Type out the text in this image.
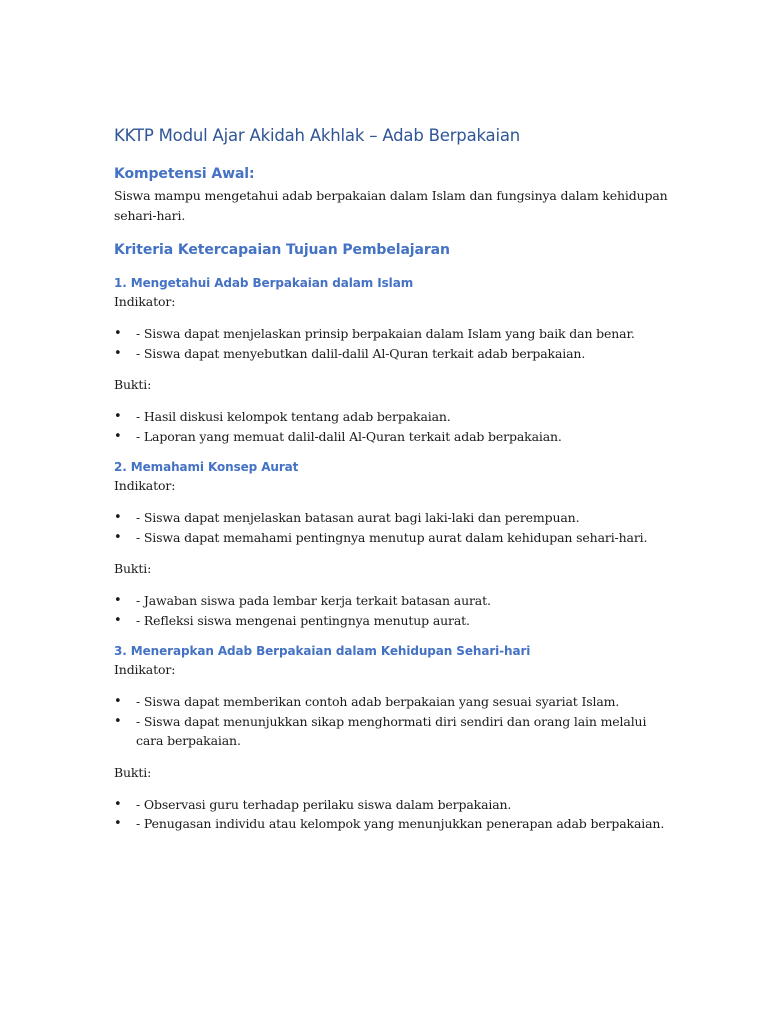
KKTP Modul Ajar Akidah Akhlak – Adab Berpakaian
Kompetensi Awal:

Siswa mampu mengetahui adab berpakaian dalam Islam dan fungsinya dalam kehidupan sehari-hari.

Kriteria Ketercapaian Tujuan Pembelajaran
1. Mengetahui Adab Berpakaian dalam Islam

Indikator:

• - Siswa dapat menjelaskan prinsip berpakaian dalam Islam yang baik dan benar.
• - Siswa dapat menyebutkan dalil-dalil Al-Quran terkait adab berpakaian.

Bukti:

• - Hasil diskusi kelompok tentang adab berpakaian.
• - Laporan yang memuat dalil-dalil Al-Quran terkait adab berpakaian.
2. Memahami Konsep Aurat

Indikator:

• - Siswa dapat menjelaskan batasan aurat bagi laki-laki dan perempuan.
• - Siswa dapat memahami pentingnya menutup aurat dalam kehidupan sehari-hari.

Bukti:

• - Jawaban siswa pada lembar kerja terkait batasan aurat.
• - Refleksi siswa mengenai pentingnya menutup aurat.
3. Menerapkan Adab Berpakaian dalam Kehidupan Sehari-hari

Indikator:

• - Siswa dapat memberikan contoh adab berpakaian yang sesuai syariat Islam.
• - Siswa dapat menunjukkan sikap menghormati diri sendiri dan orang lain melalui cara berpakaian.

Bukti:

• - Observasi guru terhadap perilaku siswa dalam berpakaian.
• - Penugasan individu atau kelompok yang menunjukkan penerapan adab berpakaian.
